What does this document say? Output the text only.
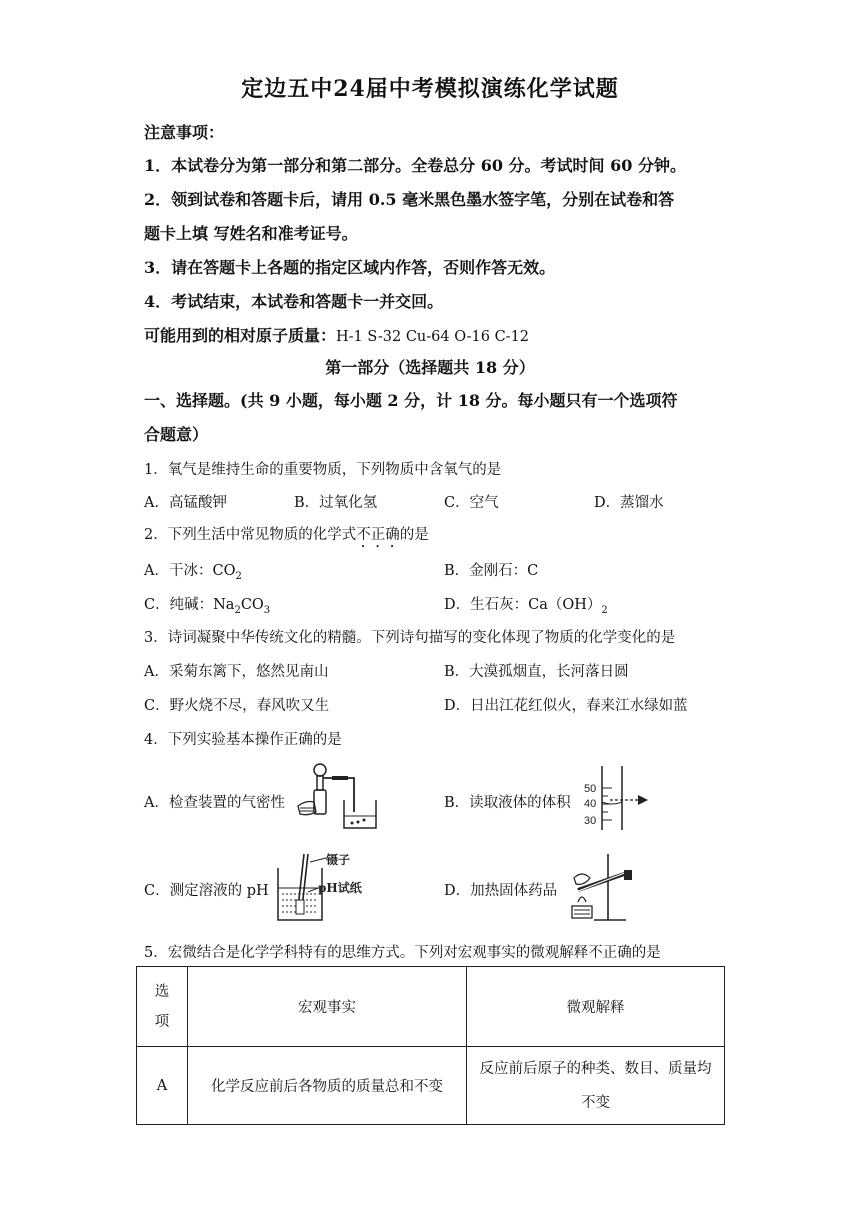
定边五中24届中考模拟演练化学试题
注意事项：
1．本试卷分为第一部分和第二部分。全卷总分 60 分。考试时间 60 分钟。
2．领到试卷和答题卡后，请用 0.5 毫米黑色墨水签字笔，分别在试卷和答
题卡上填 写姓名和准考证号。
3．请在答题卡上各题的指定区域内作答，否则作答无效。
4．考试结束，本试卷和答题卡一并交回。
可能用到的相对原子质量：H-1 S-32 Cu-64 O-16 C-12
第一部分（选择题共 18 分）
一、选择题。(共 9 小题，每小题 2 分，计 18 分。每小题只有一个选项符
合题意）
1．氧气是维持生命的重要物质，下列物质中含氧气的是
A．高锰酸钾	B．过氧化氢	C．空气	D．蒸馏水
2．下列生活中常见物质的化学式不正确的是
A．干冰：$CO_2$	B．金刚石：C
C．纯碱：$Na_2CO_3$	D．生石灰：$Ca(OH)_2$
3．诗词凝聚中华传统文化的精髓。下列诗句描写的变化体现了物质的化学变化的是
A．采菊东篱下，悠然见南山	B．大漠孤烟直，长河落日圆
C．野火烧不尽，春风吹又生	D．日出江花红似火，春来江水绿如蓝
4．下列实验基本操作正确的是
A．检查装置的气密性	B．读取液体的体积
C．测定溶液的 pH	D．加热固体药品
50
40
30
镊子
pH试纸
5．宏微结合是化学学科特有的思维方式。下列对宏观事实的微观解释不正确的是
选
项	宏观事实	微观解释
A	化学反应前后各物质的质量总和不变	反应前后原子的种类、数目、质量均
不变
